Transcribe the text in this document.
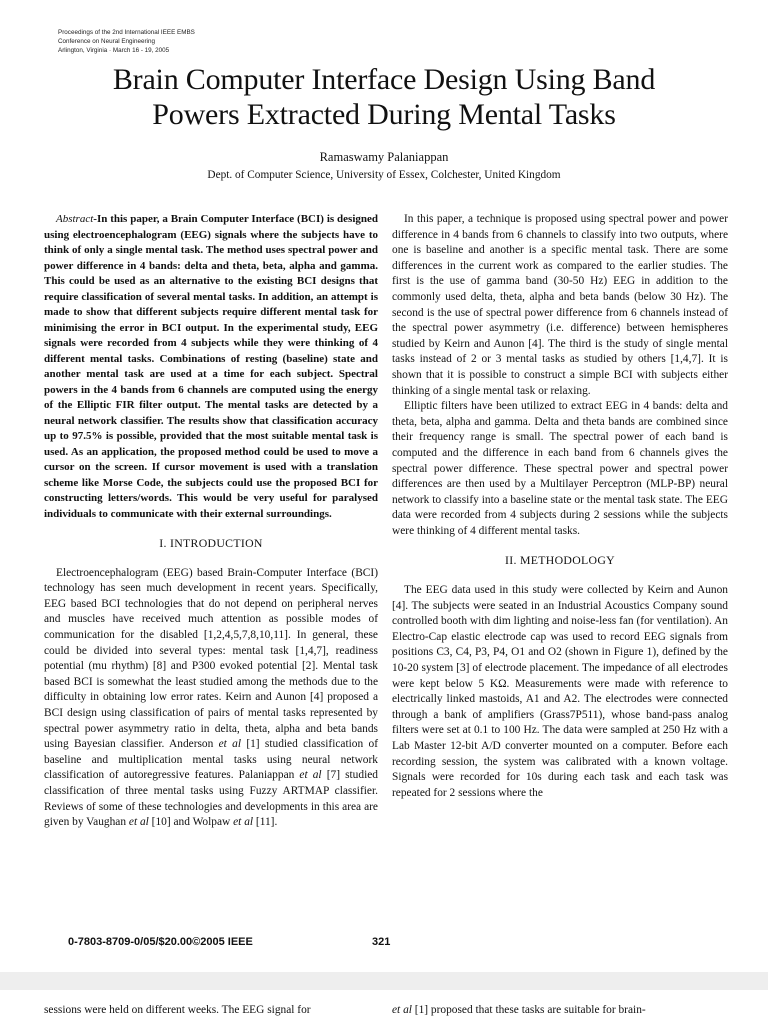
Proceedings of the 2nd International IEEE EMBS
Conference on Neural Engineering
Arlington, Virginia · March 16 - 19, 2005
Brain Computer Interface Design Using Band
Powers Extracted During Mental Tasks
Ramaswamy Palaniappan
Dept. of Computer Science, University of Essex, Colchester, United Kingdom

Abstract-In this paper, a Brain Computer Interface (BCI) is designed using electroencephalogram (EEG) signals where the subjects have to think of only a single mental task. The method uses spectral power and power difference in 4 bands: delta and theta, beta, alpha and gamma. This could be used as an alternative to the existing BCI designs that require classification of several mental tasks. In addition, an attempt is made to show that different subjects require different mental task for minimising the error in BCI output. In the experimental study, EEG signals were recorded from 4 subjects while they were thinking of 4 different mental tasks. Combinations of resting (baseline) state and another mental task are used at a time for each subject. Spectral powers in the 4 bands from 6 channels are computed using the energy of the Elliptic FIR filter output. The mental tasks are detected by a neural network classifier. The results show that classification accuracy up to 97.5% is possible, provided that the most suitable mental task is used. As an application, the proposed method could be used to move a cursor on the screen. If cursor movement is used with a translation scheme like Morse Code, the subjects could use the proposed BCI for constructing letters/words. This would be very useful for paralysed individuals to communicate with their external surroundings.

I. INTRODUCTION

Electroencephalogram (EEG) based Brain-Computer Interface (BCI) technology has seen much development in recent years. Specifically, EEG based BCI technologies that do not depend on peripheral nerves and muscles have received much attention as possible modes of communication for the disabled [1,2,4,5,7,8,10,11]. In general, these could be divided into several types: mental task [1,4,7], readiness potential (mu rhythm) [8] and P300 evoked potential [2]. Mental task based BCI is somewhat the least studied among the methods due to the difficulty in obtaining low error rates. Keirn and Aunon [4] proposed a BCI design using classification of pairs of mental tasks represented by spectral power asymmetry ratio in delta, theta, alpha and beta bands using Bayesian classifier. Anderson et al [1] studied classification of baseline and multiplication mental tasks using neural network classification of autoregressive features. Palaniappan et al [7] studied classification of three mental tasks using Fuzzy ARTMAP classifier. Reviews of some of these technologies and developments in this area are given by Vaughan et al [10] and Wolpaw et al [11].

In this paper, a technique is proposed using spectral power and power difference in 4 bands from 6 channels to classify into two outputs, where one is baseline and another is a specific mental task. There are some differences in the current work as compared to the earlier studies. The first is the use of gamma band (30-50 Hz) EEG in addition to the commonly used delta, theta, alpha and beta bands (below 30 Hz). The second is the use of spectral power difference from 6 channels instead of the spectral power asymmetry (i.e. difference) between hemispheres studied by Keirn and Aunon [4]. The third is the study of single mental tasks instead of 2 or 3 mental tasks as studied by others [1,4,7]. It is shown that it is possible to construct a simple BCI with subjects either thinking of a single mental task or relaxing.

Elliptic filters have been utilized to extract EEG in 4 bands: delta and theta, beta, alpha and gamma. Delta and theta bands are combined since their frequency range is small. The spectral power of each band is computed and the difference in each band from 6 channels gives the spectral power difference. These spectral power and spectral power differences are then used by a Multilayer Perceptron (MLP-BP) neural network to classify into a baseline state or the mental task state. The EEG data were recorded from 4 subjects during 2 sessions while the subjects were thinking of 4 different mental tasks.

II. METHODOLOGY

The EEG data used in this study were collected by Keirn and Aunon [4]. The subjects were seated in an Industrial Acoustics Company sound controlled booth with dim lighting and noise-less fan (for ventilation). An Electro-Cap elastic electrode cap was used to record EEG signals from positions C3, C4, P3, P4, O1 and O2 (shown in Figure 1), defined by the 10-20 system [3] of electrode placement. The impedance of all electrodes were kept below 5 KΩ. Measurements were made with reference to electrically linked mastoids, A1 and A2. The electrodes were connected through a bank of amplifiers (Grass7P511), whose band-pass analog filters were set at 0.1 to 100 Hz. The data were sampled at 250 Hz with a Lab Master 12-bit A/D converter mounted on a computer. Before each recording session, the system was calibrated with a known voltage. Signals were recorded for 10s during each task and each task was repeated for 2 sessions where the

0-7803-8709-0/05/$20.00©2005 IEEE	321
sessions were held on different weeks. The EEG signal for	et al [1] proposed that these tasks are suitable for brain-
